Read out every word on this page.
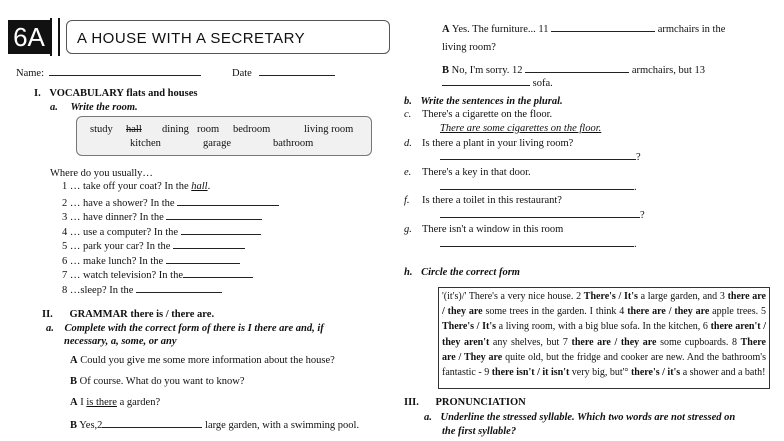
6A	A HOUSE WITH A SECRETARY
Name:	Date
I. VOCABULARY flats and houses
a. Write the room.
study hall dining room bedroom	living room
kitchen	garage	bathroom
Where do you usually…
1 … take off your coat? In the hall.
2 … have a shower? In the
3 … have dinner? In the
4 … use a computer? In the
5 … park your car? In the
6 … make lunch? In the
7 … watch television? In the
8 …sleep? In the
II. GRAMMAR there is / there are.
a. Complete with the correct form of there is I there are and, if
necessary, a, some, or any
A Could you give me some more information about the house?
B Of course. What do you want to know?
A I is there a garden?
B Yes,2	large garden, with a swimming pool.
A Yes. The furniture... 11	armchairs in the
living room?
B No, I'm sorry. 12	armchairs, but 13
sofa.
b. Write the sentences in the plural.
c. There's a cigarette on the floor.
There are some cigarettes on the floor.
d. Is there a plant in your living room?
?
e. There's a key in that door.
.
f. Is there a toilet in this restaurant?
?
g. There isn't a window in this room
.
h. Circle the correct form
'(it's)/' There's a very nice house. 2 There's / It's a large garden, and 3 there are / they are some trees in the garden. I think 4 there are / they are apple trees. 5 There's / It's a living room, with a big blue sofa. In the kitchen, 6 there aren't / they aren't any shelves, but 7 there are / they are some cupboards. 8 There are / They are quite old, but the fridge and cooker are new. And the bathroom's fantastic - 9 there isn't / it isn't very big, but'° there's / it's a shower and a bath!
III. PRONUNCIATION
a. Underline the stressed syllable. Which two words are not stressed on
the first syllable?
